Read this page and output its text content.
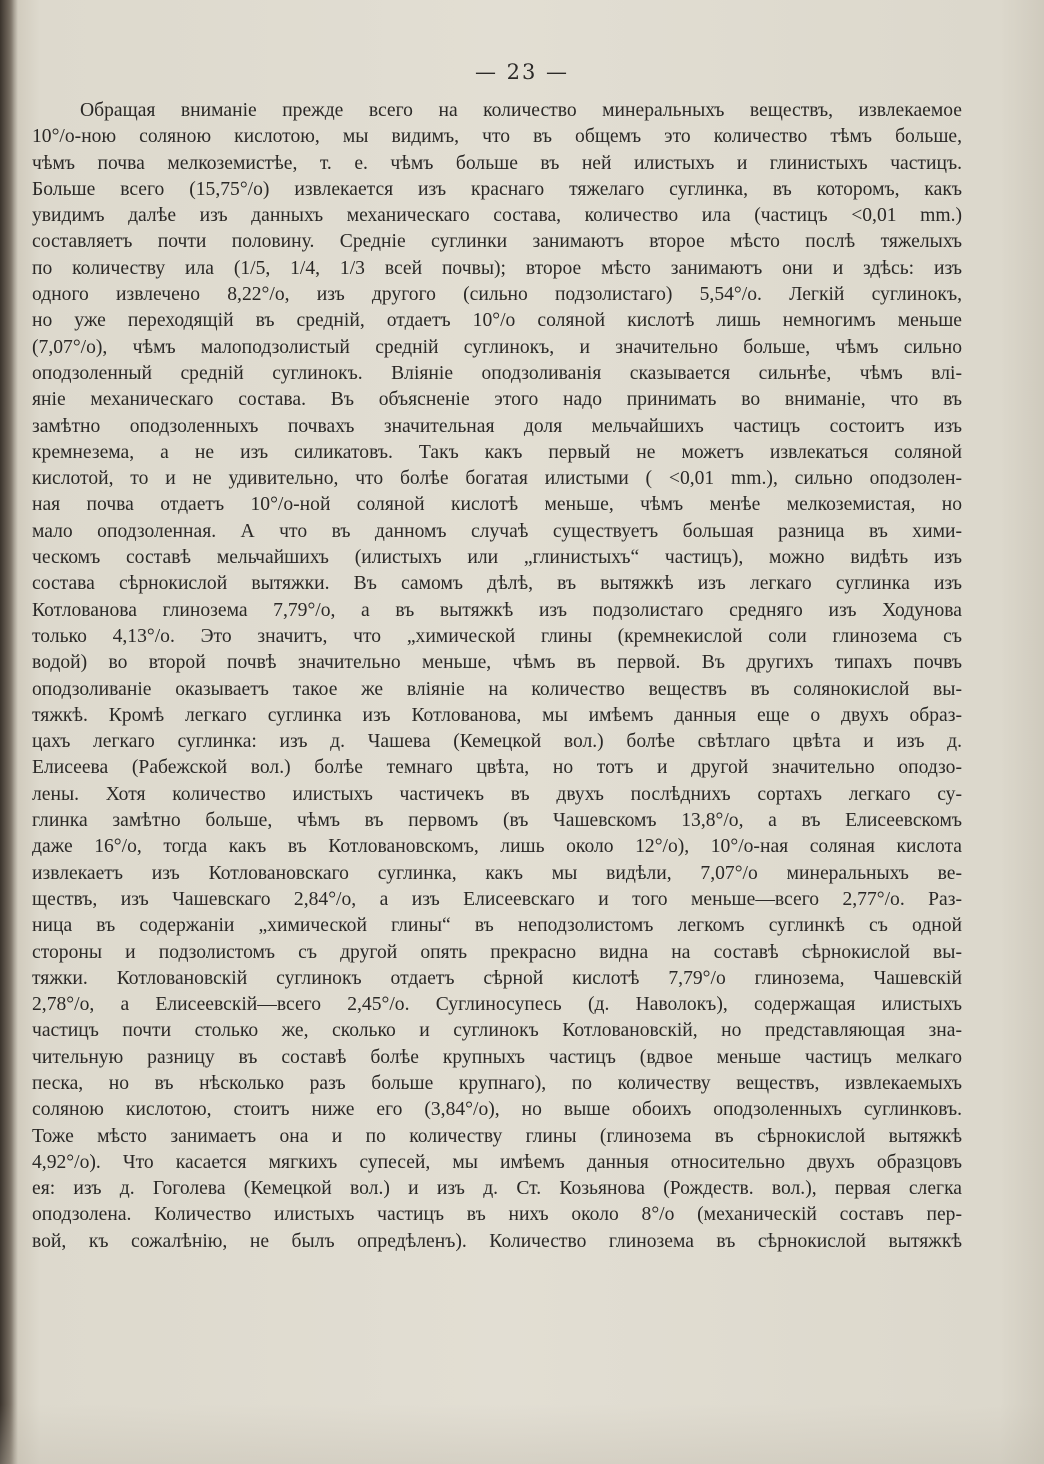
— 23 —
Обращая вниманіе прежде всего на количество минеральныхъ веществъ, извлекаемое
10°/о-ною соляною кислотою, мы видимъ, что въ общемъ это количество тѣмъ больше,
чѣмъ почва мелкоземистѣе, т. е. чѣмъ больше въ ней илистыхъ и глинистыхъ частицъ.
Больше всего (15,75°/о) извлекается изъ краснаго тяжелаго суглинка, въ которомъ, какъ
увидимъ далѣе изъ данныхъ механическаго состава, количество ила (частицъ <0,01 mm.)
составляетъ почти половину. Средніе суглинки занимаютъ второе мѣсто послѣ тяжелыхъ
по количеству ила (1/5, 1/4, 1/3 всей почвы); второе мѣсто занимаютъ они и здѣсь: изъ
одного извлечено 8,22°/о, изъ другого (сильно подзолистаго) 5,54°/о. Легкій суглинокъ,
но уже переходящій въ средній, отдаетъ 10°/о соляной кислотѣ лишь немногимъ меньше
(7,07°/о), чѣмъ малоподзолистый средній суглинокъ, и значительно больше, чѣмъ сильно
оподзоленный средній суглинокъ. Вліяніе оподзоливанія сказывается сильнѣе, чѣмъ влі-
яніе механическаго состава. Въ объясненіе этого надо принимать во вниманіе, что въ
замѣтно оподзоленныхъ почвахъ значительная доля мельчайшихъ частицъ состоитъ изъ
кремнезема, а не изъ силикатовъ. Такъ какъ первый не можетъ извлекаться соляной
кислотой, то и не удивительно, что болѣе богатая илистыми ( <0,01 mm.), сильно оподзолен-
ная почва отдаетъ 10°/о-ной соляной кислотѣ меньше, чѣмъ менѣе мелкоземистая, но
мало оподзоленная. А что въ данномъ случаѣ существуетъ большая разница въ хими-
ческомъ составѣ мельчайшихъ (илистыхъ или „глинистыхъ“ частицъ), можно видѣть изъ
состава сѣрнокислой вытяжки. Въ самомъ дѣлѣ, въ вытяжкѣ изъ легкаго суглинка изъ
Котлованова глинозема 7,79°/о, а въ вытяжкѣ изъ подзолистаго средняго изъ Ходунова
только 4,13°/о. Это значитъ, что „химической глины (кремнекислой соли глинозема съ
водой) во второй почвѣ значительно меньше, чѣмъ въ первой. Въ другихъ типахъ почвъ
оподзоливаніе оказываетъ такое же вліяніе на количество веществъ въ солянокислой вы-
тяжкѣ. Кромѣ легкаго суглинка изъ Котлованова, мы имѣемъ данныя еще о двухъ образ-
цахъ легкаго суглинка: изъ д. Чашева (Кемецкой вол.) болѣе свѣтлаго цвѣта и изъ д.
Елисеева (Рабежской вол.) болѣе темнаго цвѣта, но тотъ и другой значительно оподзо-
лены. Хотя количество илистыхъ частичекъ въ двухъ послѣднихъ сортахъ легкаго су-
глинка замѣтно больше, чѣмъ въ первомъ (въ Чашевскомъ 13,8°/о, а въ Елисеевскомъ
даже 16°/о, тогда какъ въ Котловановскомъ, лишь около 12°/о), 10°/о-ная соляная кислота
извлекаетъ изъ Котловановскаго суглинка, какъ мы видѣли, 7,07°/о минеральныхъ ве-
ществъ, изъ Чашевскаго 2,84°/о, а изъ Елисеевскаго и того меньше—всего 2,77°/о. Раз-
ница въ содержаніи „химической глины“ въ неподзолистомъ легкомъ суглинкѣ съ одной
стороны и подзолистомъ съ другой опять прекрасно видна на составѣ сѣрнокислой вы-
тяжки. Котловановскій суглинокъ отдаетъ сѣрной кислотѣ 7,79°/о глинозема, Чашевскій
2,78°/о, а Елисеевскій—всего 2,45°/о. Суглиносупесь (д. Наволокъ), содержащая илистыхъ
частицъ почти столько же, сколько и суглинокъ Котловановскій, но представляющая зна-
чительную разницу въ составѣ болѣе крупныхъ частицъ (вдвое меньше частицъ мелкаго
песка, но въ нѣсколько разъ больше крупнаго), по количеству веществъ, извлекаемыхъ
соляною кислотою, стоитъ ниже его (3,84°/о), но выше обоихъ оподзоленныхъ суглинковъ.
Тоже мѣсто занимаетъ она и по количеству глины (глинозема въ сѣрнокислой вытяжкѣ
4,92°/о). Что касается мягкихъ супесей, мы имѣемъ данныя относительно двухъ образцовъ
ея: изъ д. Гоголева (Кемецкой вол.) и изъ д. Ст. Козьянова (Рождеств. вол.), первая слегка
оподзолена. Количество илистыхъ частицъ въ нихъ около 8°/о (механическій составъ пер-
вой, къ сожалѣнію, не былъ опредѣленъ). Количество глинозема въ сѣрнокислой вытяжкѣ
